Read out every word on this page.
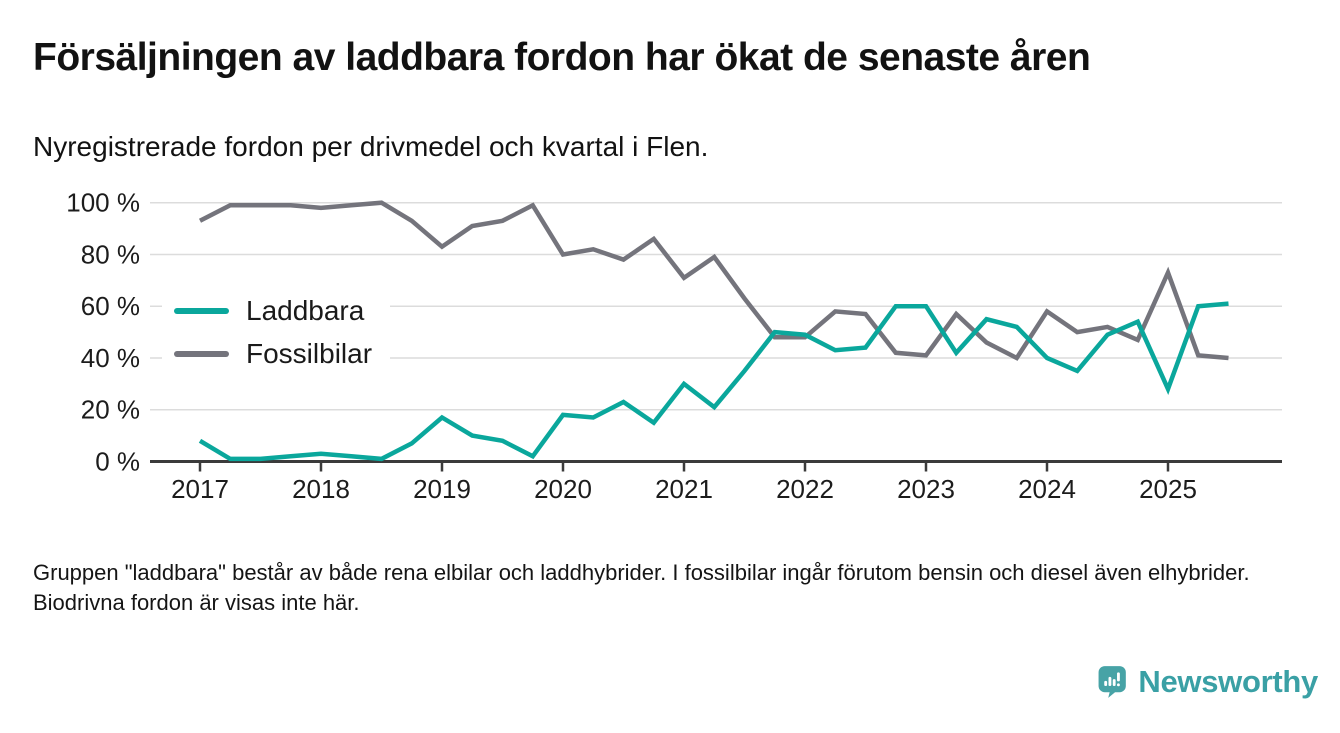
Försäljningen av laddbara fordon har ökat de senaste åren
Nyregistrerade fordon per drivmedel och kvartal i Flen.
2017 2018 2019 2020 2021 2022 2023 2024 2025
0 %
20 %
40 %
60 %
80 %
100 %
Laddbara
Fossilbilar
Gruppen "laddbara" består av både rena elbilar och laddhybrider. I fossilbilar ingår förutom bensin och diesel även elhybrider. Biodrivna fordon är visas inte här.
Newsworthy
